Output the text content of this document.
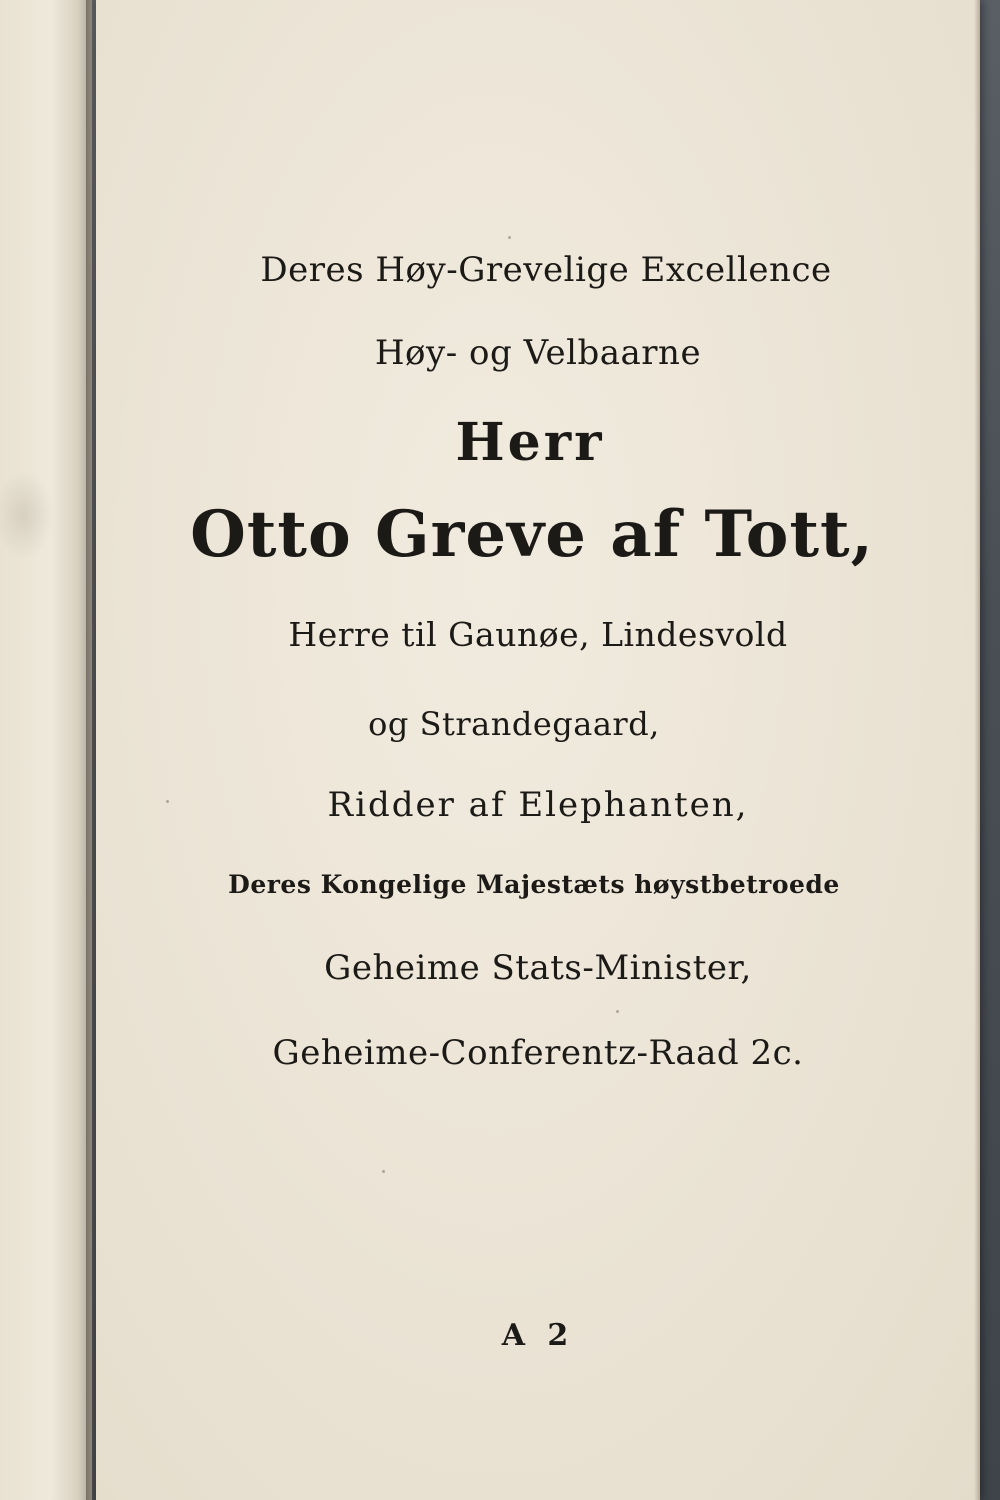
Deres Høy-Grevelige Excellence
Høy- og Velbaarne
Herr
Otto Greve af Tott,
Herre til Gaunøe, Lindesvold
og Strandegaard,
Ridder af Elephanten,
Deres Kongelige Majestæts høystbetroede
Geheime Stats-Minister,
Geheime-Conferentz-Raad 2c.
A 2
